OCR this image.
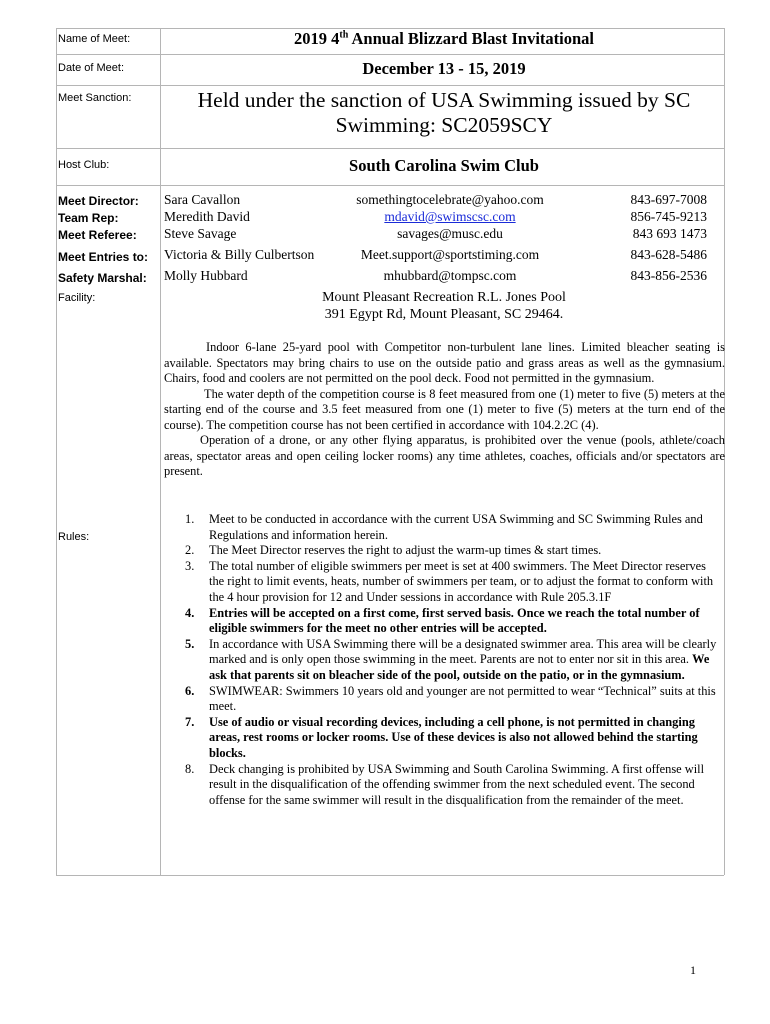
Name of Meet:	2019 4th Annual Blizzard Blast Invitational
Date of Meet:	December 13 - 15, 2019
Meet Sanction:	Held under the sanction of USA Swimming issued by SC
Swimming: SC2059SCY
Host Club:	South Carolina Swim Club
Meet Director: Sara Cavallon	somethingtocelebrate@yahoo.com	843-697-7008
Team Rep:	Meredith David	mdavid@swimscsc.com	856-745-9213
Meet Referee: Steve Savage	savages@musc.edu	843 693 1473
Meet Entries to: Victoria & Billy Culbertson	Meet.support@sportstiming.com	843-628-5486
Safety Marshal: Molly Hubbard	mhubbard@tompsc.com	843-856-2536
Facility:	Mount Pleasant Recreation R.L. Jones Pool
391 Egypt Rd, Mount Pleasant, SC 29464.

Indoor 6-lane 25-yard pool with Competitor non-turbulent lane lines. Limited bleacher seating is available. Spectators may bring chairs to use on the outside patio and grass areas as well as the gymnasium. Chairs, food and coolers are not permitted on the pool deck. Food not permitted in the gymnasium.

The water depth of the competition course is 8 feet measured from one (1) meter to five (5) meters at the starting end of the course and 3.5 feet measured from one (1) meter to five (5) meters at the turn end of the course). The competition course has not been certified in accordance with 104.2.2C (4).

Operation of a drone, or any other flying apparatus, is prohibited over the venue (pools, athlete/coach areas, spectator areas and open ceiling locker rooms) any time athletes, coaches, officials and/or spectators are present.

Rules:
1. Meet to be conducted in accordance with the current USA Swimming and SC Swimming Rules and Regulations and information herein.
2. The Meet Director reserves the right to adjust the warm-up times & start times.
3. The total number of eligible swimmers per meet is set at 400 swimmers. The Meet Director reserves the right to limit events, heats, number of swimmers per team, or to adjust the format to conform with the 4 hour provision for 12 and Under sessions in accordance with Rule 205.3.1F
4. Entries will be accepted on a first come, first served basis. Once we reach the total number of eligible swimmers for the meet no other entries will be accepted.
5. In accordance with USA Swimming there will be a designated swimmer area. This area will be clearly marked and is only open those swimming in the meet. Parents are not to enter nor sit in this area. We ask that parents sit on bleacher side of the pool, outside on the patio, or in the gymnasium.
6. SWIMWEAR: Swimmers 10 years old and younger are not permitted to wear “Technical” suits at this meet.
7. Use of audio or visual recording devices, including a cell phone, is not permitted in changing areas, rest rooms or locker rooms. Use of these devices is also not allowed behind the starting blocks.
8. Deck changing is prohibited by USA Swimming and South Carolina Swimming. A first offense will result in the disqualification of the offending swimmer from the next scheduled event. The second offense for the same swimmer will result in the disqualification from the remainder of the meet.
1
